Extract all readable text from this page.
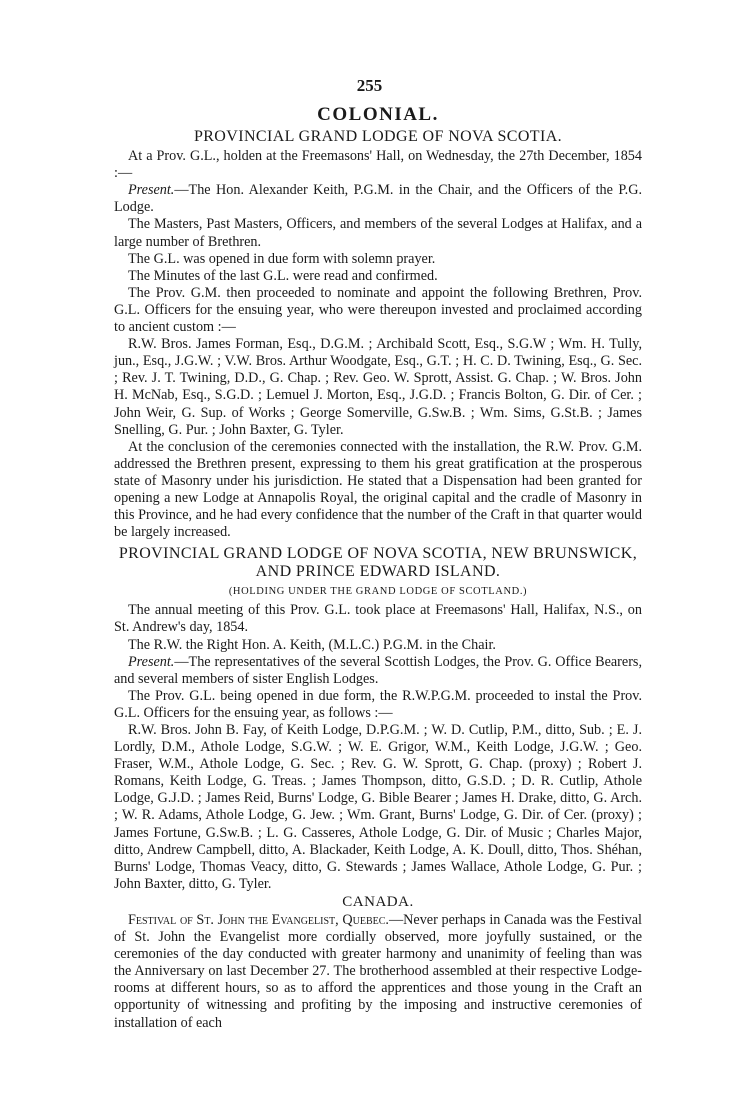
255
COLONIAL.
PROVINCIAL GRAND LODGE OF NOVA SCOTIA.

At a Prov. G.L., holden at the Freemasons' Hall, on Wednesday, the 27th December, 1854 :—

Present.—The Hon. Alexander Keith, P.G.M. in the Chair, and the Officers of the P.G. Lodge.

The Masters, Past Masters, Officers, and members of the several Lodges at Halifax, and a large number of Brethren.

The G.L. was opened in due form with solemn prayer.

The Minutes of the last G.L. were read and confirmed.

The Prov. G.M. then proceeded to nominate and appoint the following Brethren, Prov. G.L. Officers for the ensuing year, who were thereupon invested and proclaimed according to ancient custom :—

R.W. Bros. James Forman, Esq., D.G.M. ; Archibald Scott, Esq., S.G.W ; Wm. H. Tully, jun., Esq., J.G.W. ; V.W. Bros. Arthur Woodgate, Esq., G.T. ; H. C. D. Twining, Esq., G. Sec. ; Rev. J. T. Twining, D.D., G. Chap. ; Rev. Geo. W. Sprott, Assist. G. Chap. ; W. Bros. John H. McNab, Esq., S.G.D. ; Lemuel J. Morton, Esq., J.G.D. ; Francis Bolton, G. Dir. of Cer. ; John Weir, G. Sup. of Works ; George Somerville, G.Sw.B. ; Wm. Sims, G.St.B. ; James Snelling, G. Pur. ; John Baxter, G. Tyler.

At the conclusion of the ceremonies connected with the installation, the R.W. Prov. G.M. addressed the Brethren present, expressing to them his great gratification at the prosperous state of Masonry under his jurisdiction. He stated that a Dispensation had been granted for opening a new Lodge at Annapolis Royal, the original capital and the cradle of Masonry in this Province, and he had every confidence that the number of the Craft in that quarter would be largely increased.

PROVINCIAL GRAND LODGE OF NOVA SCOTIA, NEW BRUNSWICK, AND PRINCE EDWARD ISLAND.
(HOLDING UNDER THE GRAND LODGE OF SCOTLAND.)

The annual meeting of this Prov. G.L. took place at Freemasons' Hall, Halifax, N.S., on St. Andrew's day, 1854.

The R.W. the Right Hon. A. Keith, (M.L.C.) P.G.M. in the Chair.

Present.—The representatives of the several Scottish Lodges, the Prov. G. Office Bearers, and several members of sister English Lodges.

The Prov. G.L. being opened in due form, the R.W.P.G.M. proceeded to instal the Prov. G.L. Officers for the ensuing year, as follows :—

R.W. Bros. John B. Fay, of Keith Lodge, D.P.G.M. ; W. D. Cutlip, P.M., ditto, Sub. ; E. J. Lordly, D.M., Athole Lodge, S.G.W. ; W. E. Grigor, W.M., Keith Lodge, J.G.W. ; Geo. Fraser, W.M., Athole Lodge, G. Sec. ; Rev. G. W. Sprott, G. Chap. (proxy) ; Robert J. Romans, Keith Lodge, G. Treas. ; James Thompson, ditto, G.S.D. ; D. R. Cutlip, Athole Lodge, G.J.D. ; James Reid, Burns' Lodge, G. Bible Bearer ; James H. Drake, ditto, G. Arch. ; W. R. Adams, Athole Lodge, G. Jew. ; Wm. Grant, Burns' Lodge, G. Dir. of Cer. (proxy) ; James Fortune, G.Sw.B. ; L. G. Casseres, Athole Lodge, G. Dir. of Music ; Charles Major, ditto, Andrew Campbell, ditto, A. Blackader, Keith Lodge, A. K. Doull, ditto, Thos. Shéhan, Burns' Lodge, Thomas Veacy, ditto, G. Stewards ; James Wallace, Athole Lodge, G. Pur. ; John Baxter, ditto, G. Tyler.

CANADA.

Festival of St. John the Evangelist, Quebec.—Never perhaps in Canada was the Festival of St. John the Evangelist more cordially observed, more joyfully sustained, or the ceremonies of the day conducted with greater harmony and unanimity of feeling than was the Anniversary on last December 27. The brotherhood assembled at their respective Lodge-rooms at different hours, so as to afford the apprentices and those young in the Craft an opportunity of witnessing and profiting by the imposing and instructive ceremonies of installation of each
